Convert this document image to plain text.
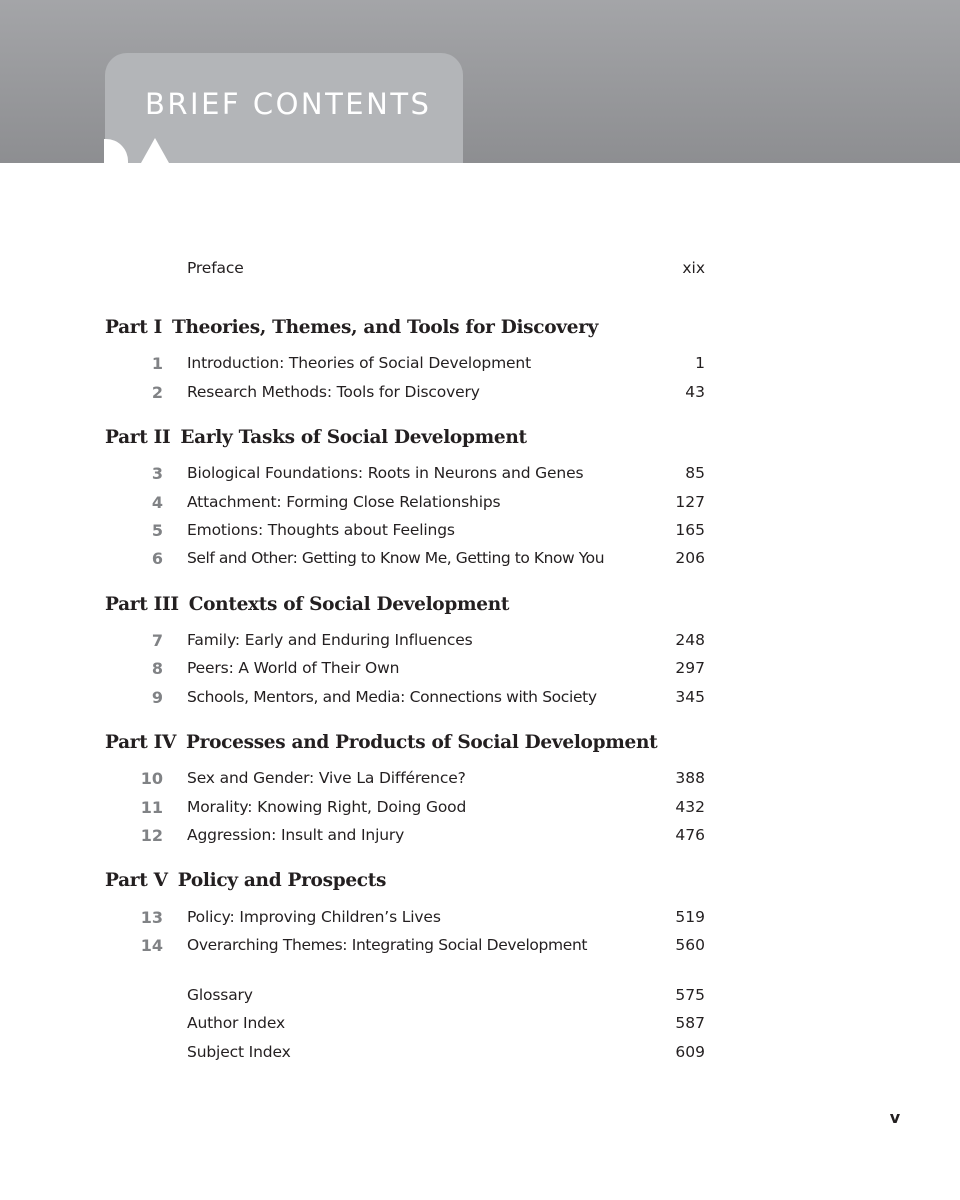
BRIEF CONTENTS
Preface	xix
Part I Theories, Themes, and Tools for Discovery
1 Introduction: Theories of Social Development	1
2 Research Methods: Tools for Discovery	43
Part II Early Tasks of Social Development
3 Biological Foundations: Roots in Neurons and Genes	85
4 Attachment: Forming Close Relationships	127
5 Emotions: Thoughts about Feelings	165
6 Self and Other: Getting to Know Me, Getting to Know You	206
Part III Contexts of Social Development
7 Family: Early and Enduring Influences	248
8 Peers: A World of Their Own	297
9 Schools, Mentors, and Media: Connections with Society	345
Part IV Processes and Products of Social Development
10 Sex and Gender: Vive La Différence?	388
11 Morality: Knowing Right, Doing Good	432
12 Aggression: Insult and Injury	476
Part V Policy and Prospects
13 Policy: Improving Children’s Lives	519
14 Overarching Themes: Integrating Social Development	560
Glossary	575
Author Index	587
Subject Index	609
v
